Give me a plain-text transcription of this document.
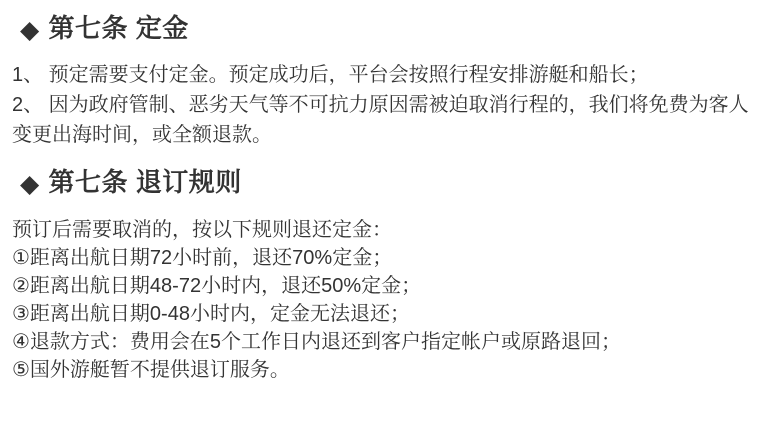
◆ 第七条 定金
1、 预定需要支付定金。预定成功后，平台会按照行程安排游艇和船长；
2、 因为政府管制、恶劣天气等不可抗力原因需被迫取消行程的，我们将免费为客人
变更出海时间，或全额退款。
◆ 第七条 退订规则
预订后需要取消的，按以下规则退还定金：
①距离出航日期72小时前，退还70%定金；
②距离出航日期48-72小时内，退还50%定金；
③距离出航日期0-48小时内，定金无法退还；
④退款方式：费用会在5个工作日内退还到客户指定帐户或原路退回；
⑤国外游艇暂不提供退订服务。
